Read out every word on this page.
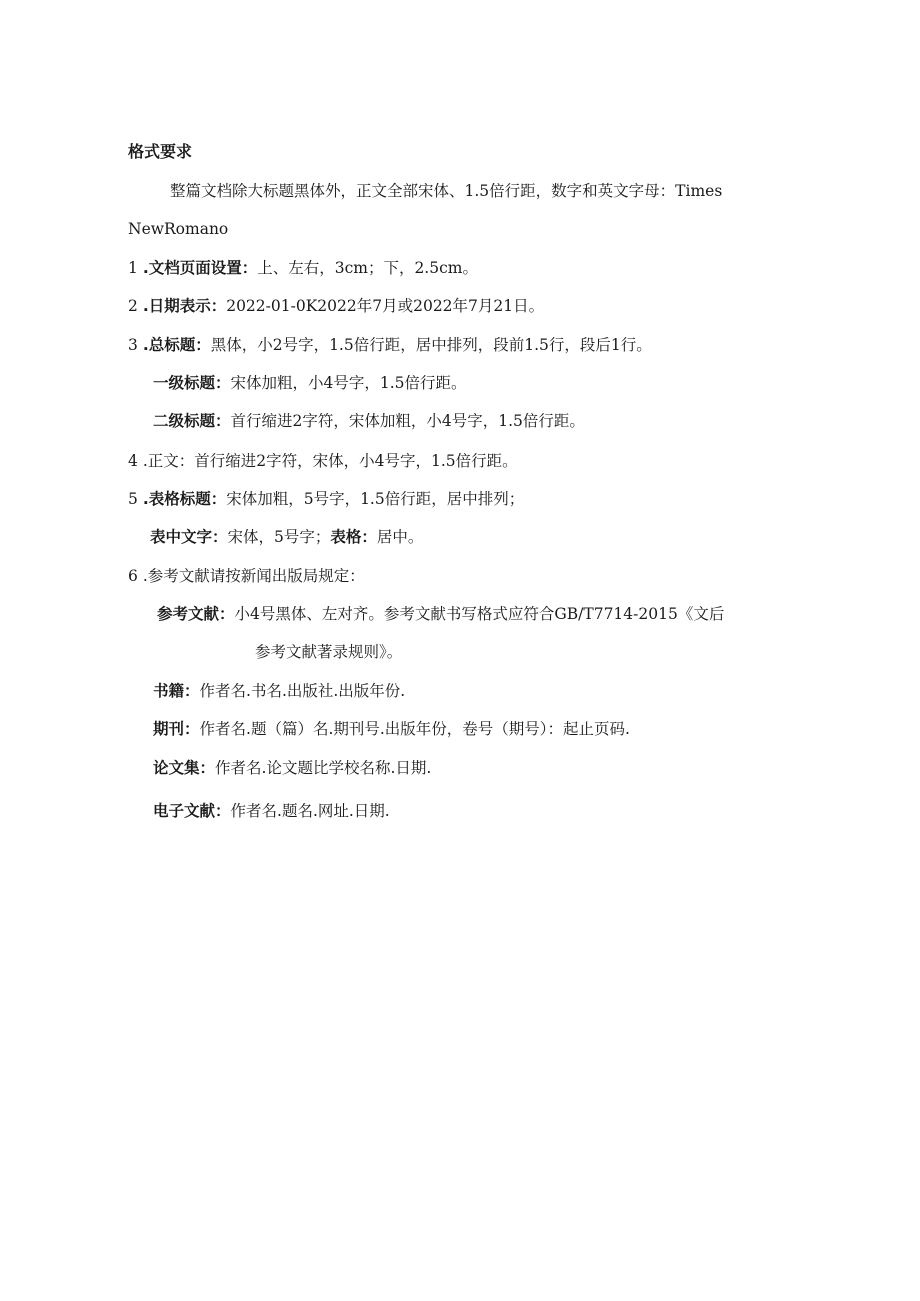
格式要求
整篇文档除大标题黑体外，正文全部宋体、1.5倍行距，数字和英文字母：Times
NewRomano
1 .文档页面设置：上、左右，3cm；下，2.5cm。
2 .日期表示：2022-01-0K2022年7月或2022年7月21日。
3 .总标题：黑体，小2号字，1.5倍行距，居中排列，段前1.5行，段后1行。
一级标题：宋体加粗，小4号字，1.5倍行距。
二级标题：首行缩进2字符，宋体加粗，小4号字，1.5倍行距。
4 .正文：首行缩进2字符，宋体，小4号字，1.5倍行距。
5 .表格标题：宋体加粗，5号字，1.5倍行距，居中排列；
表中文字：宋体，5号字；表格：居中。
6 .参考文献请按新闻出版局规定：
参考文献：小4号黑体、左对齐。参考文献书写格式应符合GB/T7714-2015《文后
参考文献著录规则》。
书籍：作者名.书名.出版社.出版年份.
期刊：作者名.题（篇）名.期刊号.出版年份，卷号（期号）：起止页码.
论文集：作者名.论文题比学校名称.日期.
电子文献：作者名.题名.网址.日期.
